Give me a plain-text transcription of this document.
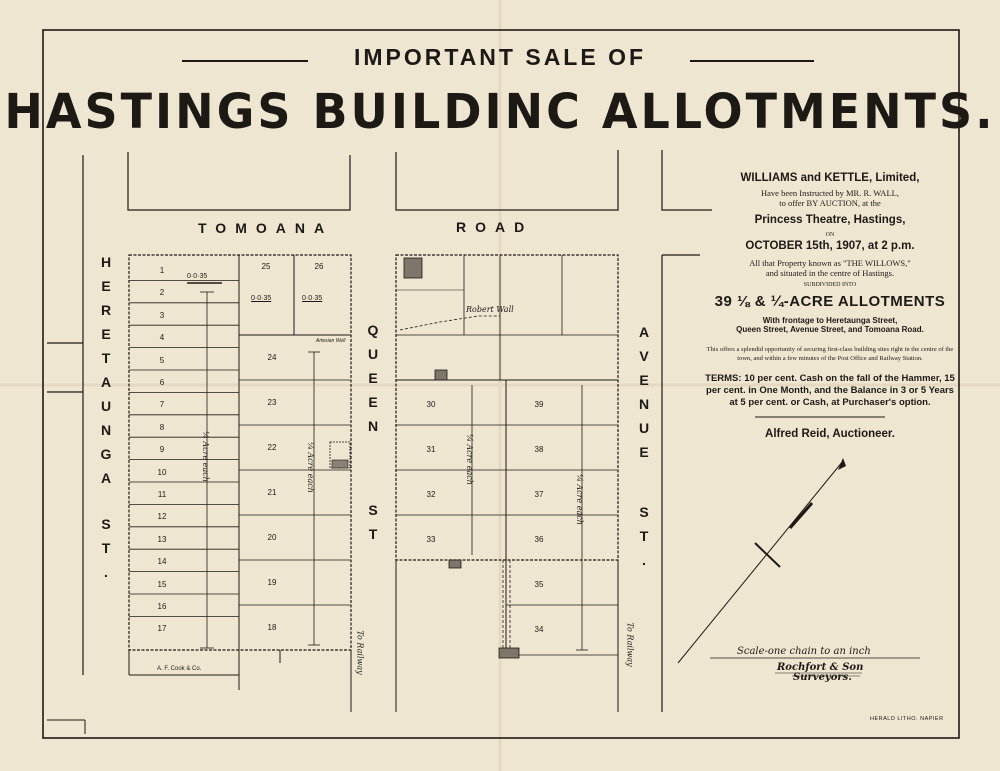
IMPORTANT SALE OF
HASTINGS BUILDINC ALLOTMENTS.
TOMOANA	ROAD
H
E
R
E
T
A
U
N
G
A
S
T
.
Q
U
E
E
N
S
T
A
V
E
N
U
E
S
T
.
To Railway	To Railway
1
2
3
4
5
6
7
8
9
10
11
12
13
14
15
16
17
24
23
22
21
20
19
18
25	26
30
31
32
33
39
38
37
36
35
34
¼ Acre each	¼ Acre each	¼ Acre each
¼ Acre each
Robert Wall
Artesian Well
0·0·35
0·0·35	0·0·35
A. F. Cook & Co.
WILLIAMS and KETTLE, Limited,
Have been Instructed by MR. R. WALL,
to offer BY AUCTION, at the
Princess Theatre, Hastings,
ON
OCTOBER 15th, 1907, at 2 p.m.
All that Property known as "THE WILLOWS,"
and situated in the centre of Hastings.
SUBDIVIDED INTO
39 ⅛ & ¼-ACRE ALLOTMENTS
With frontage to Heretaunga Street,
Queen Street, Avenue Street, and Tomoana Road.
This offers a splendid opportunity of securing first-class building sites right in the centre of the town, and within a few minutes of the Post Office and Railway Station.
TERMS: 10 per cent. Cash on the fall of the Hammer, 15 per cent. in One Month, and the Balance in 3 or 5 Years at 5 per cent. or Cash, at Purchaser's option.
Alfred Reid, Auctioneer.
Scale-one chain to an inch
Rochfort & Son
Surveyors.
HERALD LITHO. NAPIER
